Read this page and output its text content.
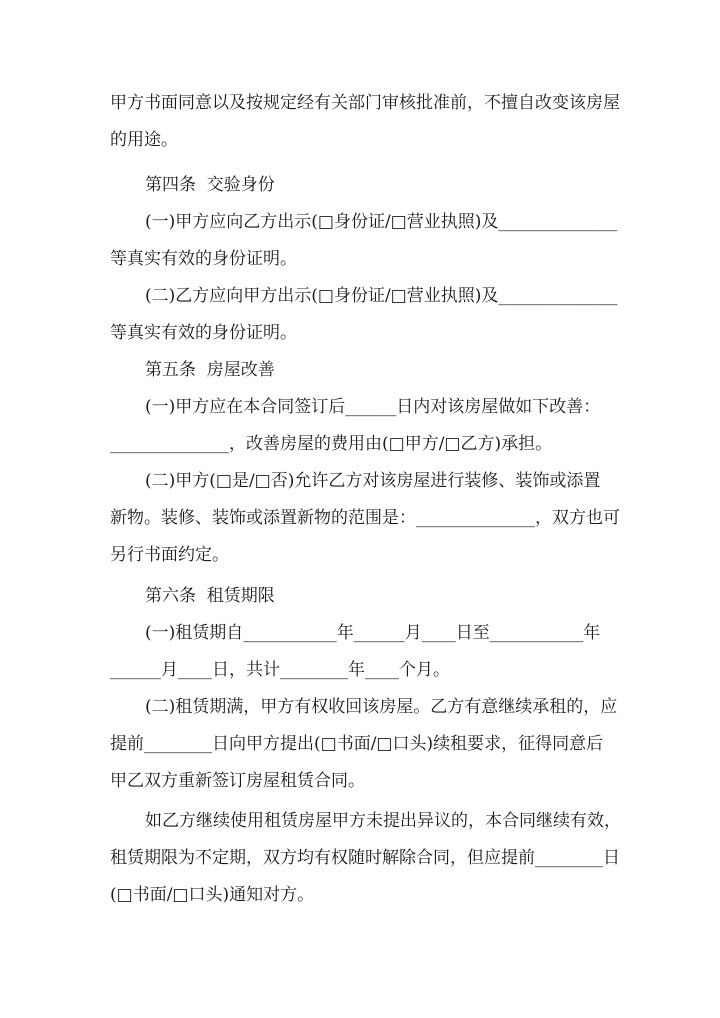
甲方书面同意以及按规定经有关部门审核批准前，不擅自改变该房屋
的用途。
第四条  交验身份
(一)甲方应向乙方出示(□身份证/□营业执照)及______________
等真实有效的身份证明。
(二)乙方应向甲方出示(□身份证/□营业执照)及______________
等真实有效的身份证明。
第五条  房屋改善
(一)甲方应在本合同签订后______日内对该房屋做如下改善：
______________，改善房屋的费用由(□甲方/□乙方)承担。
(二)甲方(□是/□否)允许乙方对该房屋进行装修、装饰或添置
新物。装修、装饰或添置新物的范围是：______________，双方也可
另行书面约定。
第六条  租赁期限
(一)租赁期自___________年______月____日至___________年
______月____日，共计________年____个月。
(二)租赁期满，甲方有权收回该房屋。乙方有意继续承租的，应
提前________日向甲方提出(□书面/□口头)续租要求，征得同意后
甲乙双方重新签订房屋租赁合同。
如乙方继续使用租赁房屋甲方未提出异议的，本合同继续有效，
租赁期限为不定期，双方均有权随时解除合同，但应提前________日
(□书面/□口头)通知对方。
